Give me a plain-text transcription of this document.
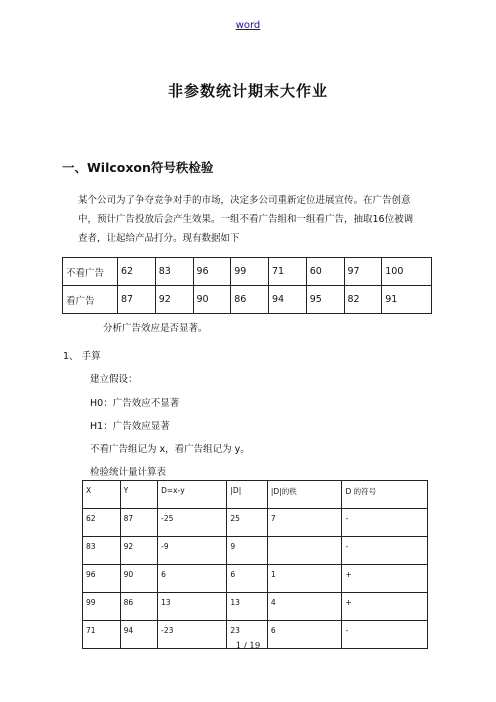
word
非参数统计期末大作业
一、Wilcoxon符号秩检验
某个公司为了争夺竞争对手的市场，决定多公司重新定位进展宣传。在广告创意中，预计广告投放后会产生效果。一组不看广告组和一组看广告，抽取16位被调查者，让起给产品打分。现有数据如下
不看广告	62	83	96	99	71	60	97	100
看广告	87	92	90	86	94	95	82	91
分析广告效应是否显著。
1、 手算
建立假设：
H0：广告效应不显著
H1：广告效应显著
不看广告组记为 x，看广告组记为 y。
检验统计量计算表
X	Y	D=x-y	|D|	|D|的秩	D 的符号
62	87	-25	25	7	-
83	92	-9	9		-
96	90	6	6	1	+
99	86	13	13	4	+
71	94	-23	23	6	-
1 / 19
